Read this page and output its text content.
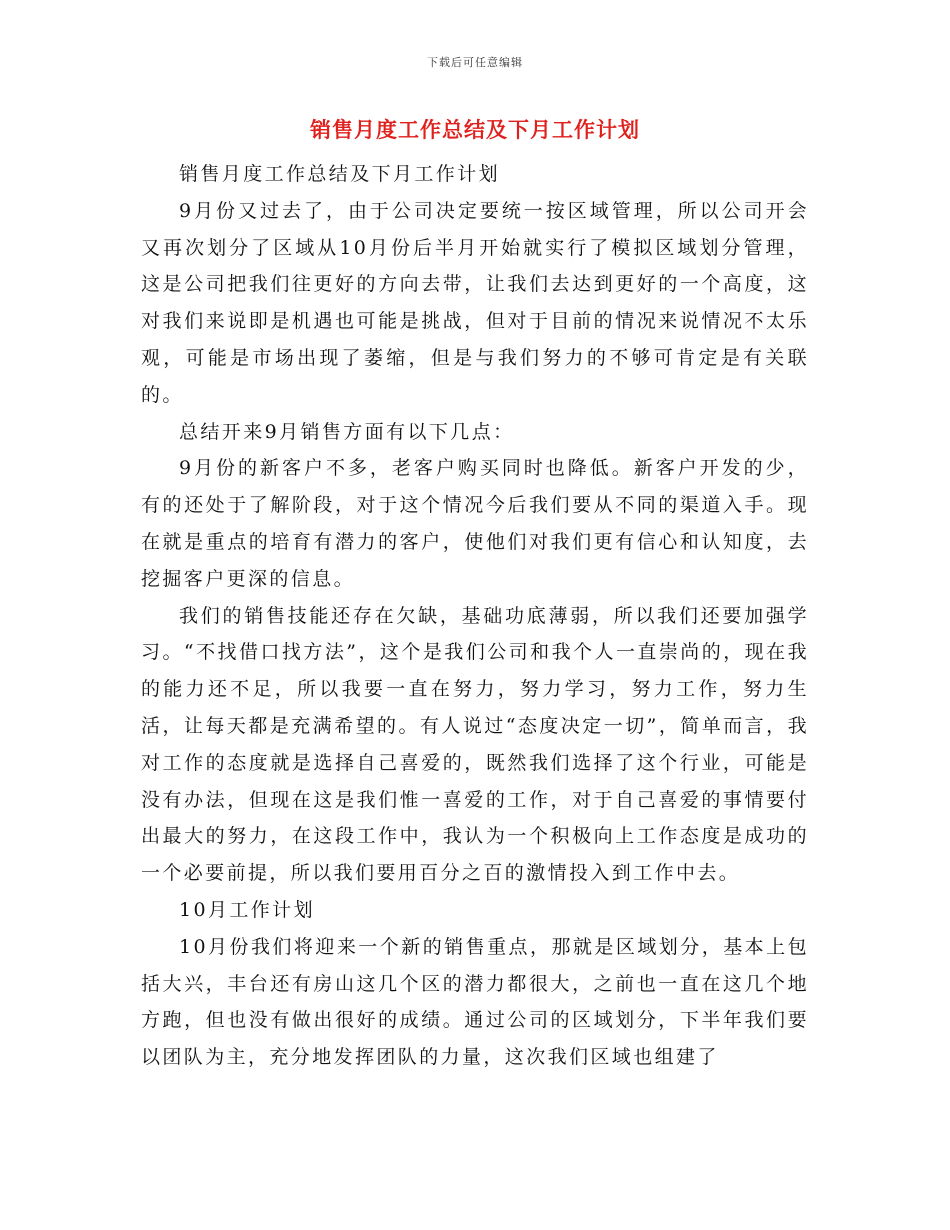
下载后可任意编辑
销售月度工作总结及下月工作计划

销售月度工作总结及下月工作计划

9月份又过去了，由于公司决定要统一按区域管理，所以公司开会又再次划分了区域从10月份后半月开始就实行了模拟区域划分管理，这是公司把我们往更好的方向去带，让我们去达到更好的一个高度，这对我们来说即是机遇也可能是挑战，但对于目前的情况来说情况不太乐观，可能是市场出现了萎缩，但是与我们努力的不够可肯定是有关联的。

总结开来9月销售方面有以下几点：

9月份的新客户不多，老客户购买同时也降低。新客户开发的少，有的还处于了解阶段，对于这个情况今后我们要从不同的渠道入手。现在就是重点的培育有潜力的客户，使他们对我们更有信心和认知度，去挖掘客户更深的信息。

我们的销售技能还存在欠缺，基础功底薄弱，所以我们还要加强学习。“不找借口找方法”，这个是我们公司和我个人一直崇尚的，现在我的能力还不足，所以我要一直在努力，努力学习，努力工作，努力生活，让每天都是充满希望的。有人说过“态度决定一切”，简单而言，我对工作的态度就是选择自己喜爱的，既然我们选择了这个行业，可能是没有办法，但现在这是我们惟一喜爱的工作，对于自己喜爱的事情要付出最大的努力，在这段工作中，我认为一个积极向上工作态度是成功的一个必要前提，所以我们要用百分之百的激情投入到工作中去。

10月工作计划

10月份我们将迎来一个新的销售重点，那就是区域划分，基本上包括大兴，丰台还有房山这几个区的潜力都很大，之前也一直在这几个地方跑，但也没有做出很好的成绩。通过公司的区域划分，下半年我们要以团队为主，充分地发挥团队的力量，这次我们区域也组建了
